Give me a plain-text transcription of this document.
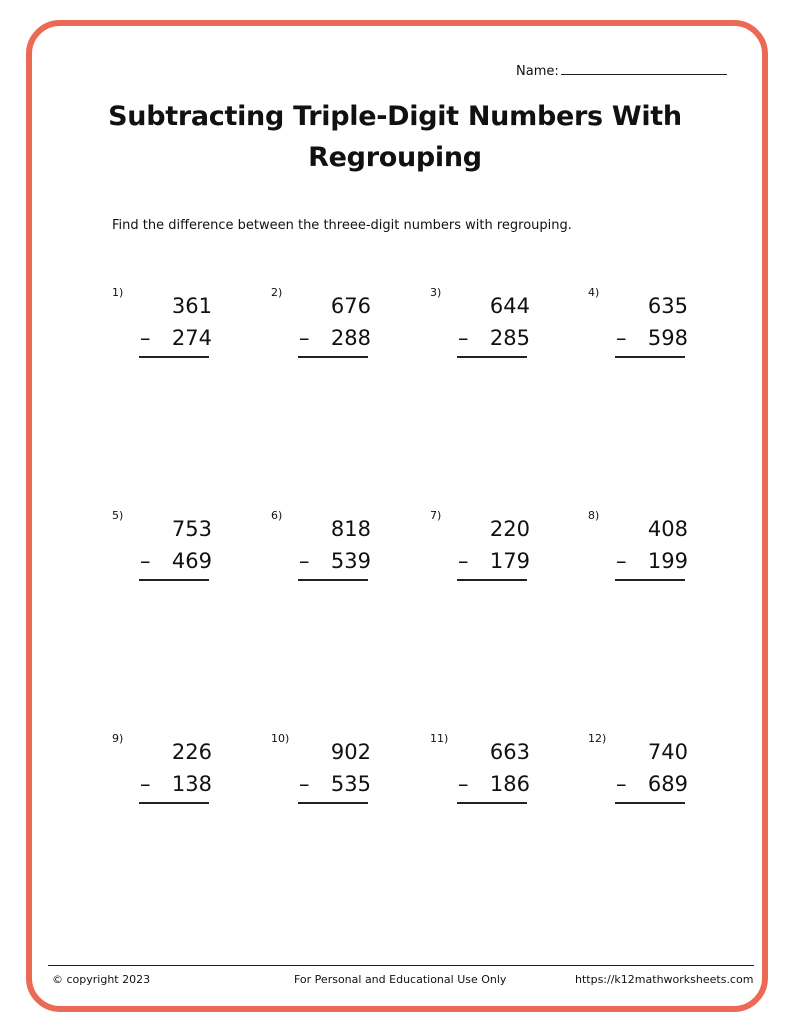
Name:
Subtracting Triple-Digit Numbers With Regrouping
Find the difference between the threee-digit numbers with regrouping.
1)
361
– 274
2)
676
– 288
3)
644
– 285
4)
635
– 598
5)
753
– 469
6)
818
– 539
7)
220
– 179
8)
408
– 199
9)
226
– 138
10)
902
– 535
11)
663
– 186
12)
740
– 689
© copyright 2023	For Personal and Educational Use Only	https://k12mathworksheets.com
